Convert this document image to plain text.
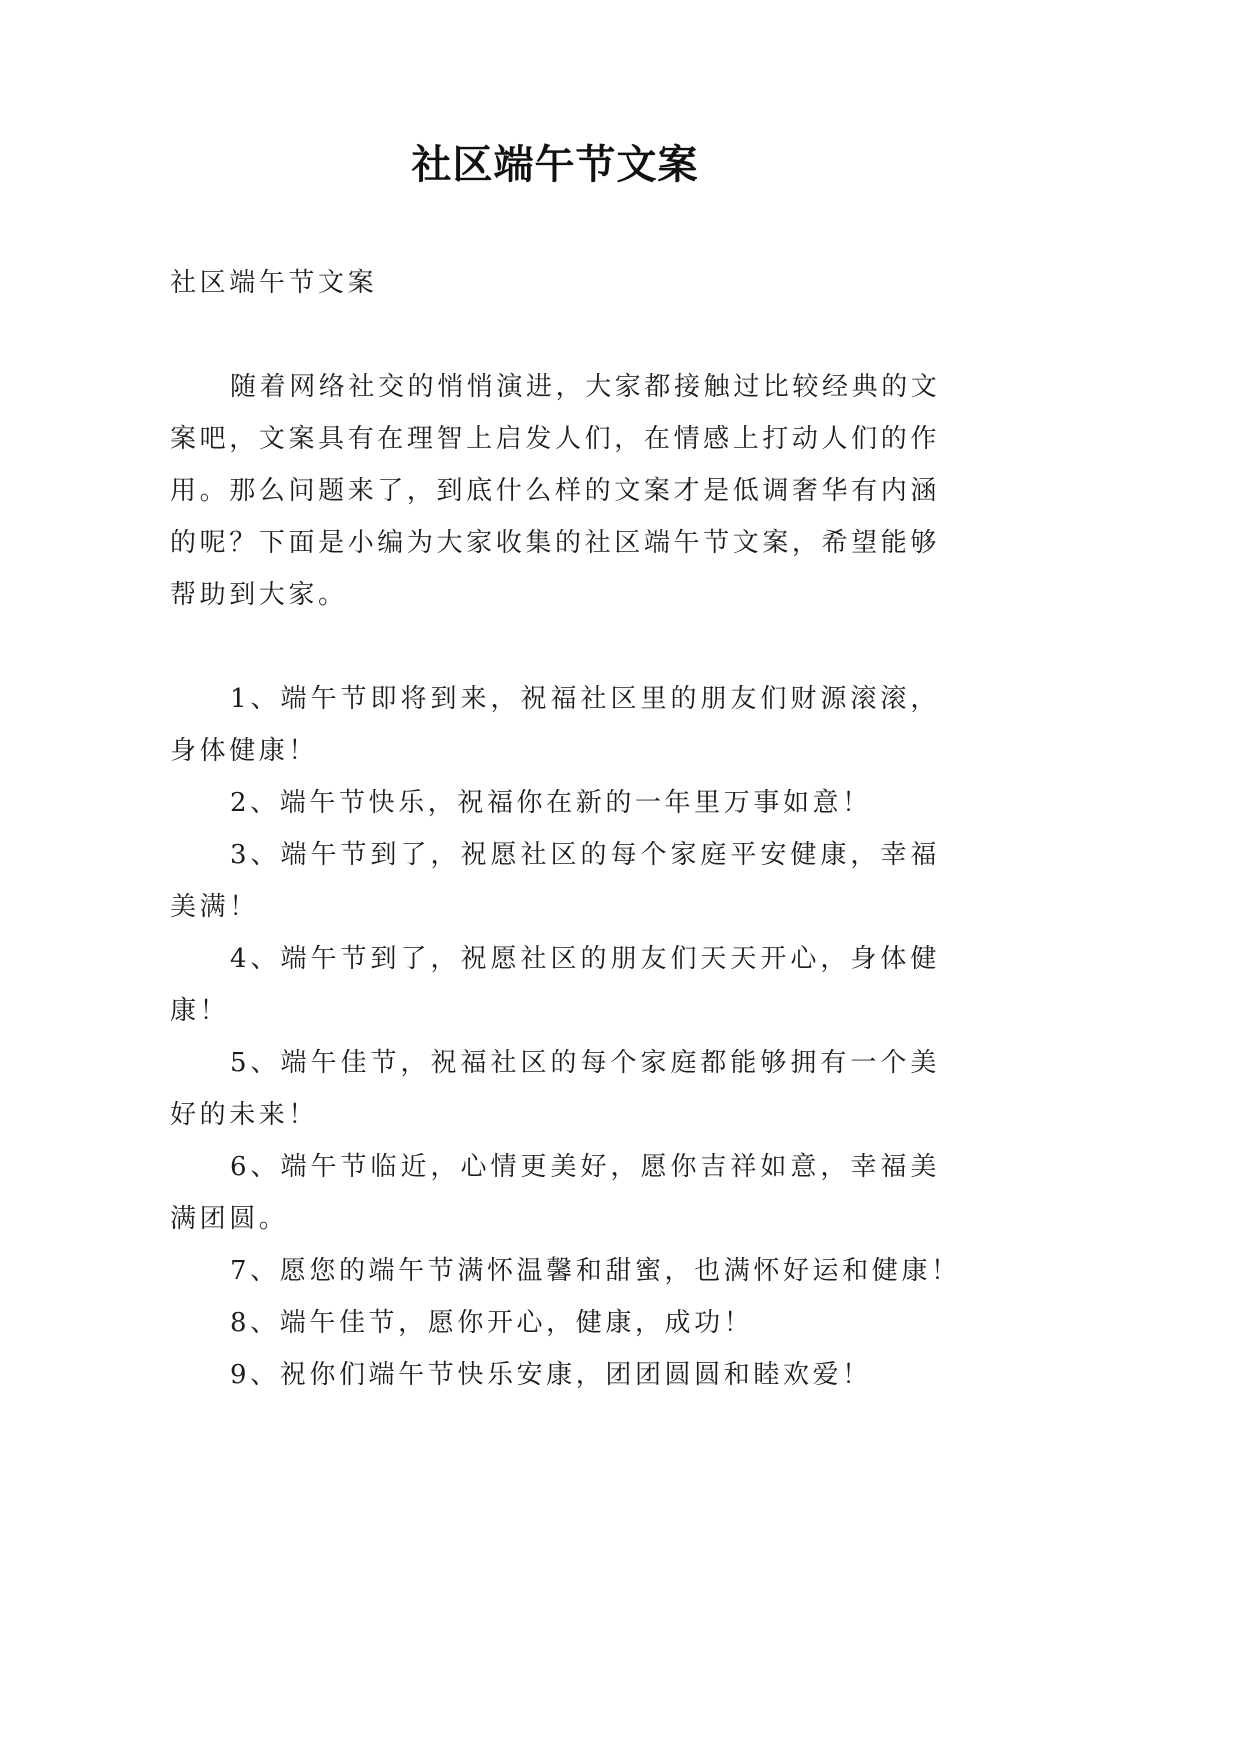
社区端午节文案
社区端午节文案
随着网络社交的悄悄演进，大家都接触过比较经典的文
案吧，文案具有在理智上启发人们，在情感上打动人们的作
用。那么问题来了，到底什么样的文案才是低调奢华有内涵
的呢？下面是小编为大家收集的社区端午节文案，希望能够
帮助到大家。
1、端午节即将到来，祝福社区里的朋友们财源滚滚，
身体健康！
2、端午节快乐，祝福你在新的一年里万事如意！
3、端午节到了，祝愿社区的每个家庭平安健康，幸福
美满！
4、端午节到了，祝愿社区的朋友们天天开心，身体健
康！
5、端午佳节，祝福社区的每个家庭都能够拥有一个美
好的未来！
6、端午节临近，心情更美好，愿你吉祥如意，幸福美
满团圆。
7、愿您的端午节满怀温馨和甜蜜，也满怀好运和健康！
8、端午佳节，愿你开心，健康，成功！
9、祝你们端午节快乐安康，团团圆圆和睦欢爱！
